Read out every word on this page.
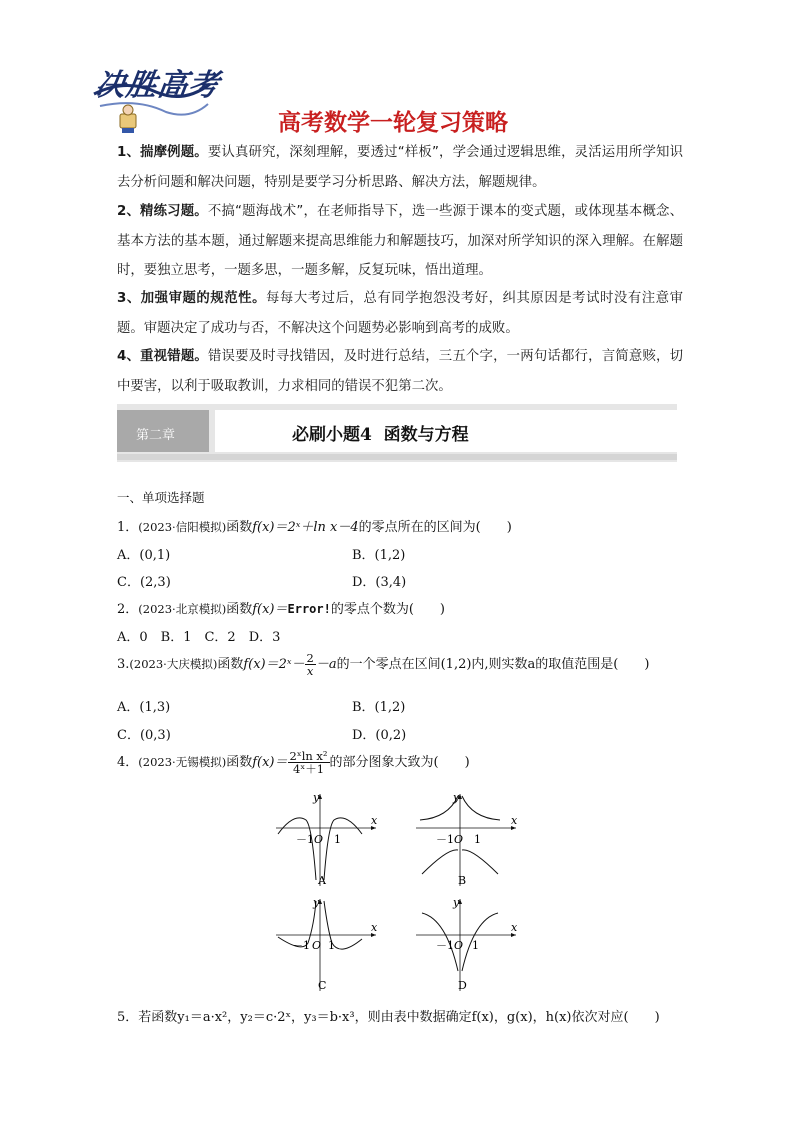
决胜高考
高考数学一轮复习策略
1、揣摩例题。要认真研究，深刻理解，要透过“样板”，学会通过逻辑思维，灵活运用所学知识去分析问题和解决问题，特别是要学习分析思路、解决方法，解题规律。
2、精练习题。不搞“题海战术”，在老师指导下，选一些源于课本的变式题，或体现基本概念、基本方法的基本题，通过解题来提高思维能力和解题技巧，加深对所学知识的深入理解。在解题时，要独立思考，一题多思，一题多解，反复玩味，悟出道理。
3、加强审题的规范性。每每大考过后，总有同学抱怨没考好，纠其原因是考试时没有注意审题。审题决定了成功与否，不解决这个问题势必影响到高考的成败。
4、重视错题。错误要及时寻找错因，及时进行总结，三五个字，一两句话都行，言简意赅，切中要害，以利于吸取教训，力求相同的错误不犯第二次。
第二章	必刷小题4  函数与方程
一、单项选择题
1．(2023·信阳模拟)函数f(x)＝2ˣ＋ln x－4的零点所在的区间为(　　)
A．(0,1)	B．(1,2)
C．(2,3)	D．(3,4)
2．(2023·北京模拟)函数f(x)＝Error!的零点个数为(　　)
A．0　B．1　C．2　D．3
3.(2023·大庆模拟)函数f(x)＝2ˣ－ $\frac{2}{x} -a$的一个零点在区间(1,2)内,则实数a的取值范围是(　　)
A．(1,3)	B．(1,2)
C．(0,3)	D．(0,2)
4．(2023·无锡模拟)函数$f(x)= \frac{\text{2ˣln x²}}{\text{4ˣ＋1}}$ 的部分图象大致为(　　)
x
y
O
－1 1
A
x
y
O
－1 1
B
x
y
O
－1 1
C
x
y
O
－1 1
D
5．若函数y₁＝a·x²，y₂＝c·2ˣ，y₃＝b·x³，则由表中数据确定f(x)，g(x)，h(x)依次对应(　　)
